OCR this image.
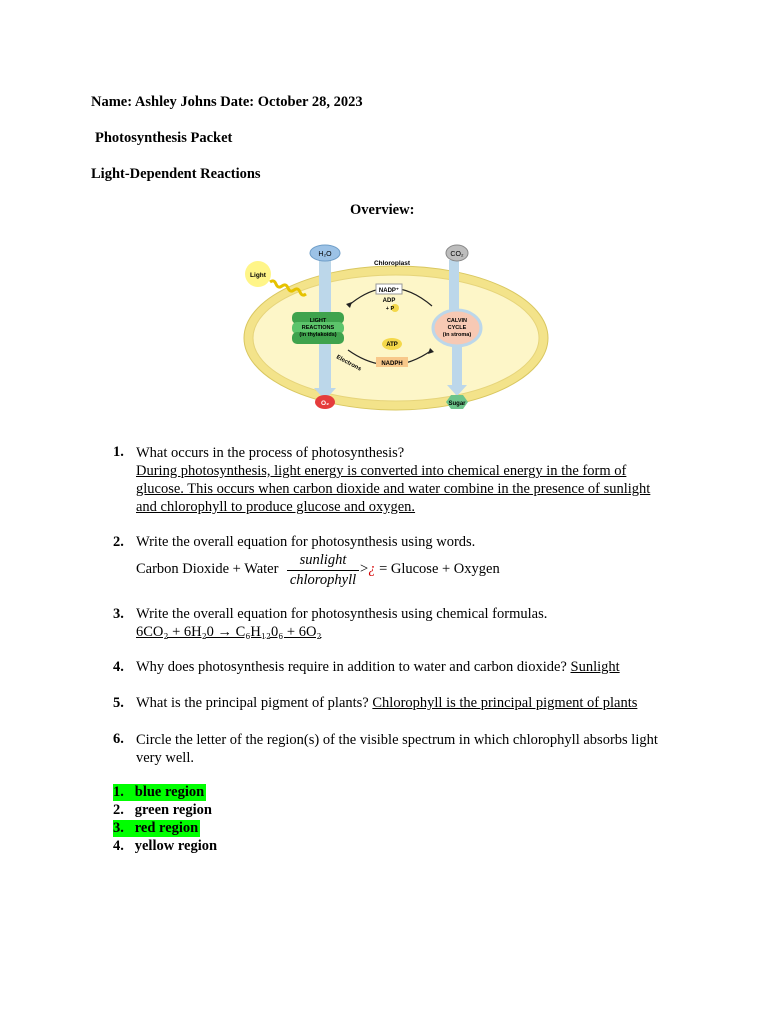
Name: Ashley Johns Date: October 28, 2023
Photosynthesis Packet
Light-Dependent Reactions
Overview:
H₂O	CO₂
Chloroplast
Light
LIGHT
REACTIONS
(in thylakoids)
CALVIN
CYCLE
(in stroma)
NADP⁺
ADP
+ P
ATP
NADPH
Electrons
O₂	Sugar
1. What occurs in the process of photosynthesis?
During photosynthesis, light energy is converted into chemical energy in the form of
glucose. This occurs when carbon dioxide and water combine in the presence of sunlight
and chlorophyll to produce glucose and oxygen.
2. Write the overall equation for photosynthesis using words.
Carbon Dioxide + Water
sunlight
chlorophyll
>¿ = Glucose + Oxygen
3. Write the overall equation for photosynthesis using chemical formulas.
6CO₂ + 6H₂0 → C₆H₁₂0₆ + 6O₂
4. Why does photosynthesis require in addition to water and carbon dioxide? Sunlight
5. What is the principal pigment of plants? Chlorophyll is the principal pigment of plants
6. Circle the letter of the region(s) of the visible spectrum in which chlorophyll absorbs light
very well.
1. blue region
2. green region
3. red region
4. yellow region
